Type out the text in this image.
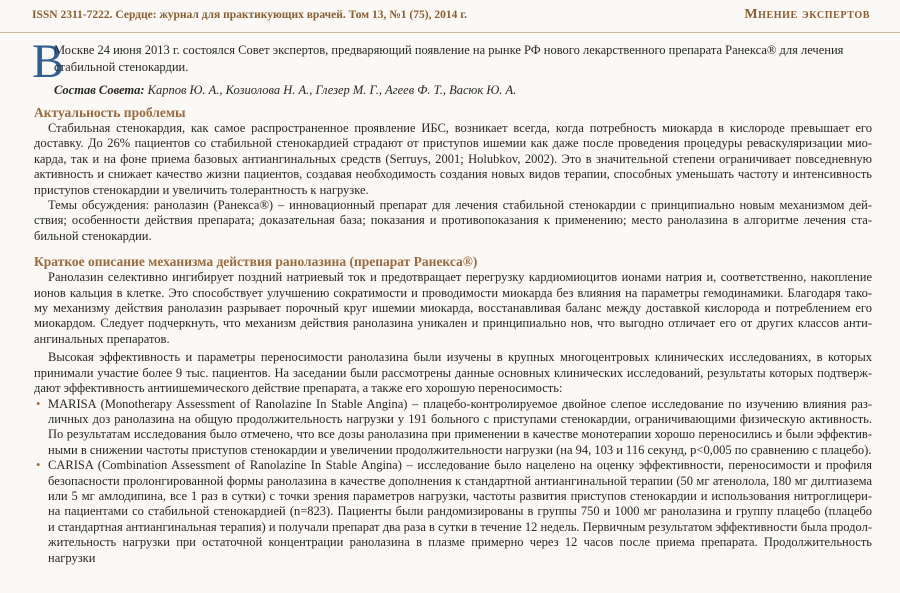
ISSN 2311-7222. Сердце: журнал для практикующих врачей. Том 13, №1 (75), 2014 г.	Мнение экспертов
В
Москве 24 июня 2013 г. состоялся Совет экспертов, предваряющий появление на рынке РФ нового лекарственного препарата Ранекса® для лечения
стабильной стенокардии.
Состав Совета: Карпов Ю. А., Козиолова Н. А., Глезер М. Г., Агеев Ф. Т., Васюк Ю. А.
Актуальность проблемы

Стабильная стенокардия, как самое распространенное проявление ИБС, возникает всегда, когда потребность миокарда в кислороде превышает его

доставку. До 26% пациентов со стабильной стенокардией страдают от приступов ишемии как даже после проведения процедуры реваскуляризации мио-

карда, так и на фоне приема базовых антиангинальных средств (Serruys, 2001; Holubkov, 2002). Это в значительной степени ограничивает повседневную

активность и снижает качество жизни пациентов, создавая необходимость создания новых видов терапии, способных уменьшать частоту и интенсивность

приступов стенокардии и увеличить толерантность к нагрузке.

Темы обсуждения: ранолазин (Ранекса®) – инновационный препарат для лечения стабильной стенокардии с принципиально новым механизмом дей-

ствия; особенности действия препарата; доказательная база; показания и противопоказания к применению; место ранолазина в алгоритме лечения ста-

бильной стенокардии.

Краткое описание механизма действия ранолазина (препарат Ранекса®)

Ранолазин селективно ингибирует поздний натриевый ток и предотвращает перегрузку кардиомиоцитов ионами натрия и, соответственно, накопление

ионов кальция в клетке. Это способствует улучшению сократимости и проводимости миокарда без влияния на параметры гемодинамики. Благодаря тако-

му механизму действия ранолазин разрывает порочный круг ишемии миокарда, восстанавливая баланс между доставкой кислорода и потреблением его

миокардом. Следует подчеркнуть, что механизм действия ранолазина уникален и принципиально нов, что выгодно отличает его от других классов анти-

ангинальных препаратов.

Высокая эффективность и параметры переносимости ранолазина были изучены в крупных многоцентровых клинических исследованиях, в которых

принимали участие более 9 тыс. пациентов. На заседании были рассмотрены данные основных клинических исследований, результаты которых подтверж-

дают эффективность антиишемического действие препарата, а также его хорошую переносимость:

• MARISA (Monotherapy Assessment of Ranolazine In Stable Angina) – плацебо-контролируемое двойное слепое исследование по изучению влияния раз-

личных доз ранолазина на общую продолжительность нагрузки у 191 больного с приступами стенокардии, ограничивающими физическую активность.

По результатам исследования было отмечено, что все дозы ранолазина при применении в качестве монотерапии хорошо переносились и были эффектив-

ными в снижении частоты приступов стенокардии и увеличении продолжительности нагрузки (на 94, 103 и 116 секунд, р<0,005 по сравнению с плацебо).

• CARISA (Combination Assessment of Ranolazine In Stable Angina) – исследование было нацелено на оценку эффективности, переносимости и профиля

безопасности пролонгированной формы ранолазина в качестве дополнения к стандартной антиангинальной терапии (50 мг атенолола, 180 мг дилтиазема

или 5 мг амлодипина, все 1 раз в сутки) с точки зрения параметров нагрузки, частоты развития приступов стенокардии и использования нитроглицери-

на пациентами со стабильной стенокардией (n=823). Пациенты были рандомизированы в группы 750 и 1000 мг ранолазина и группу плацебо (плацебо

и стандартная антиангинальная терапия) и получали препарат два раза в сутки в течение 12 недель. Первичным результатом эффективности была продол-

жительность нагрузки при остаточной концентрации ранолазина в плазме примерно через 12 часов после приема препарата. Продолжительность нагрузки
